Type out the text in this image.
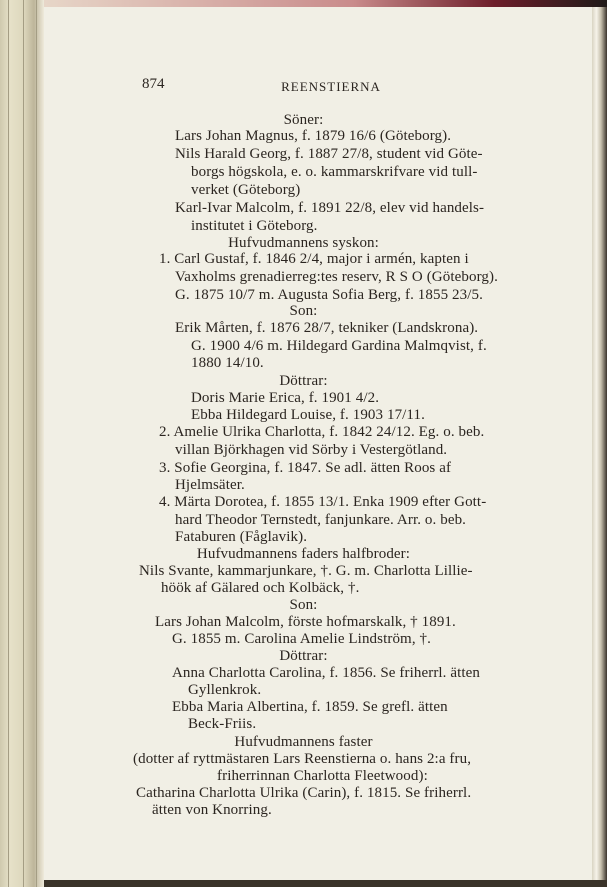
874	REENSTIERNA
Söner:
Lars Johan Magnus, f. 1879 16/6 (Göteborg).
Nils Harald Georg, f. 1887 27/8, student vid Göte-
borgs högskola, e. o. kammarskrifvare vid tull-
verket (Göteborg)
Karl-Ivar Malcolm, f. 1891 22/8, elev vid handels-
institutet i Göteborg.
Hufvudmannens syskon:
1. Carl Gustaf, f. 1846 2/4, major i armén, kapten i
Vaxholms grenadierreg:tes reserv, R S O (Göteborg).
G. 1875 10/7 m. Augusta Sofia Berg, f. 1855 23/5.
Son:
Erik Mårten, f. 1876 28/7, tekniker (Landskrona).
G. 1900 4/6 m. Hildegard Gardina Malmqvist, f.
1880 14/10.
Döttrar:
Doris Marie Erica, f. 1901 4/2.
Ebba Hildegard Louise, f. 1903 17/11.
2. Amelie Ulrika Charlotta, f. 1842 24/12. Eg. o. beb.
villan Björkhagen vid Sörby i Vestergötland.
3. Sofie Georgina, f. 1847. Se adl. ätten Roos af
Hjelmsäter.
4. Märta Dorotea, f. 1855 13/1. Enka 1909 efter Gott-
hard Theodor Ternstedt, fanjunkare. Arr. o. beb.
Fataburen (Fåglavik).
Hufvudmannens faders halfbroder:
Nils Svante, kammarjunkare, †. G. m. Charlotta Lillie-
höök af Gälared och Kolbäck, †.
Son:
Lars Johan Malcolm, förste hofmarskalk, † 1891.
G. 1855 m. Carolina Amelie Lindström, †.
Döttrar:
Anna Charlotta Carolina, f. 1856. Se friherrl. ätten
Gyllenkrok.
Ebba Maria Albertina, f. 1859. Se grefl. ätten
Beck-Friis.
Hufvudmannens faster
(dotter af ryttmästaren Lars Reenstierna o. hans 2:a fru,
friherrinnan Charlotta Fleetwood):
Catharina Charlotta Ulrika (Carin), f. 1815. Se friherrl.
ätten von Knorring.
